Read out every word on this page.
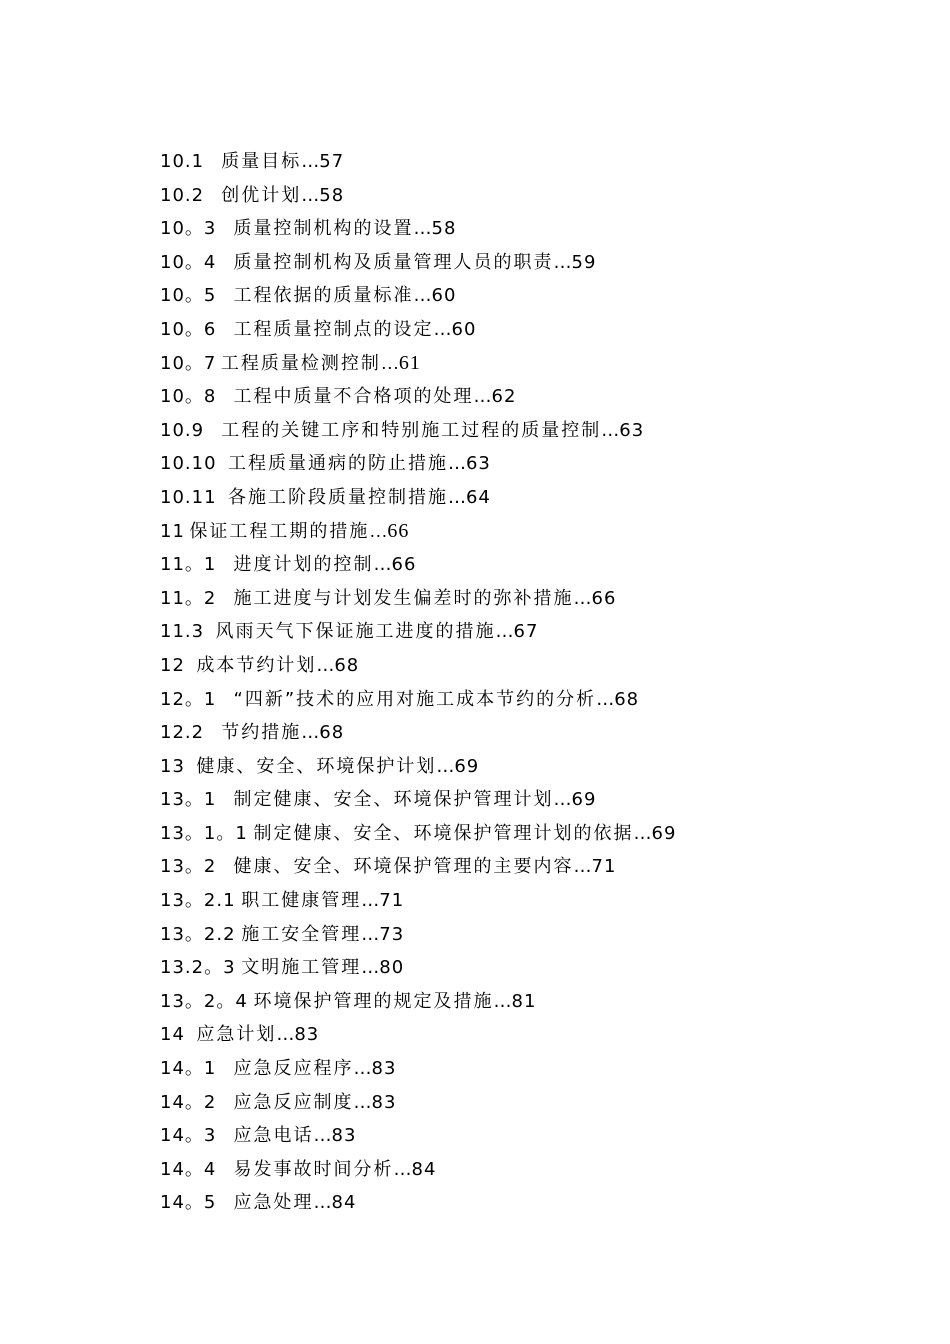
10.1 质量目标…57
10.2 创优计划…58
10。3 质量控制机构的设置…58
10。4 质量控制机构及质量管理人员的职责…59
10。5 工程依据的质量标准…60
10。6 工程质量控制点的设定…60
10。7 工程质量检测控制…61
10。8 工程中质量不合格项的处理…62
10.9 工程的关键工序和特别施工过程的质量控制…63
10.10 工程质量通病的防止措施…63
10.11 各施工阶段质量控制措施…64
11 保证工程工期的措施…66
11。1 进度计划的控制…66
11。2 施工进度与计划发生偏差时的弥补措施…66
11.3 风雨天气下保证施工进度的措施…67
12 成本节约计划…68
12。1 “四新”技术的应用对施工成本节约的分析…68
12.2 节约措施…68
13 健康、安全、环境保护计划…69
13。1 制定健康、安全、环境保护管理计划…69
13。1。1 制定健康、安全、环境保护管理计划的依据…69
13。2 健康、安全、环境保护管理的主要内容…71
13。2.1 职工健康管理…71
13。2.2 施工安全管理…73
13.2。3 文明施工管理…80
13。2。4 环境保护管理的规定及措施…81
14 应急计划…83
14。1 应急反应程序…83
14。2 应急反应制度…83
14。3 应急电话…83
14。4 易发事故时间分析…84
14。5 应急处理…84
